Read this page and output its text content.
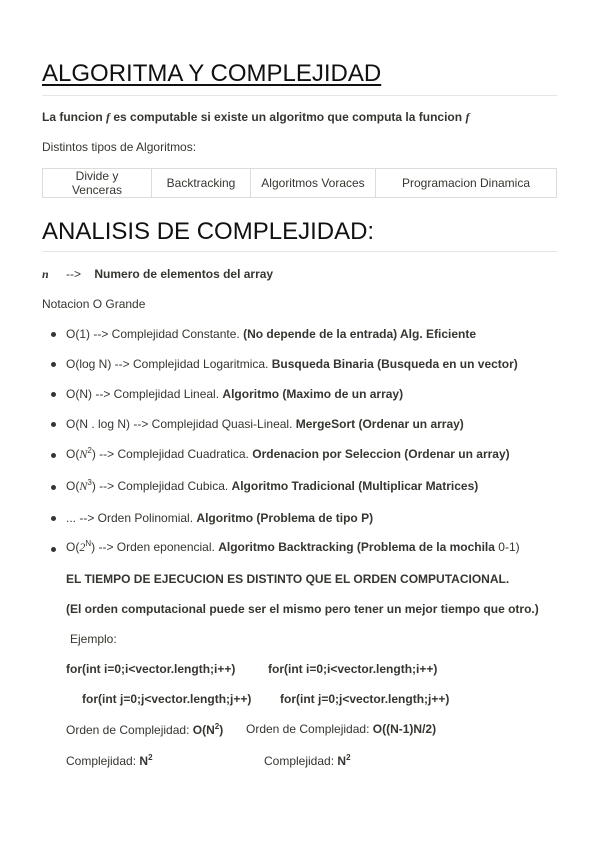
ALGORITMA Y COMPLEJIDAD
La funcion f es computable si existe un algoritmo que computa la funcion f
Distintos tipos de Algoritmos:
Divide y Venceras	Backtracking	Algoritmos Voraces	Programacion Dinamica
ANALISIS DE COMPLEJIDAD:
n --> Numero de elementos del array
Notacion O Grande
O(1) --> Complejidad Constante. (No depende de la entrada) Alg. Eficiente
O(log N) --> Complejidad Logaritmica. Busqueda Binaria (Busqueda en un vector)
O(N) --> Complejidad Lineal. Algoritmo (Maximo de un array)
O(N . log N) --> Complejidad Quasi-Lineal. MergeSort (Ordenar un array)
$O(N^2)$ --> Complejidad Cuadratica. Ordenacion por Seleccion (Ordenar un array)
$O(N^3)$ --> Complejidad Cubica. Algoritmo Tradicional (Multiplicar Matrices)
... --> Orden Polinomial. Algoritmo (Problema de tipo P)
$O(2^N)$ --> Orden eponencial. Algoritmo Backtracking (Problema de la mochila 0-1)
EL TIEMPO DE EJECUCION ES DISTINTO QUE EL ORDEN COMPUTACIONAL.
(El orden computacional puede ser el mismo pero tener un mejor tiempo que otro.)
Ejemplo:
for(int i=0;i<vector.length;i++)	for(int i=0;i<vector.length;i++)
for(int j=0;j<vector.length;j++) for(int j=0;j<vector.length;j++)
Orden de Complejidad: $O(N^2)$ Orden de Complejidad: O((N-1)N/2)
Complejidad: $N^2$	Complejidad: $N^2$
